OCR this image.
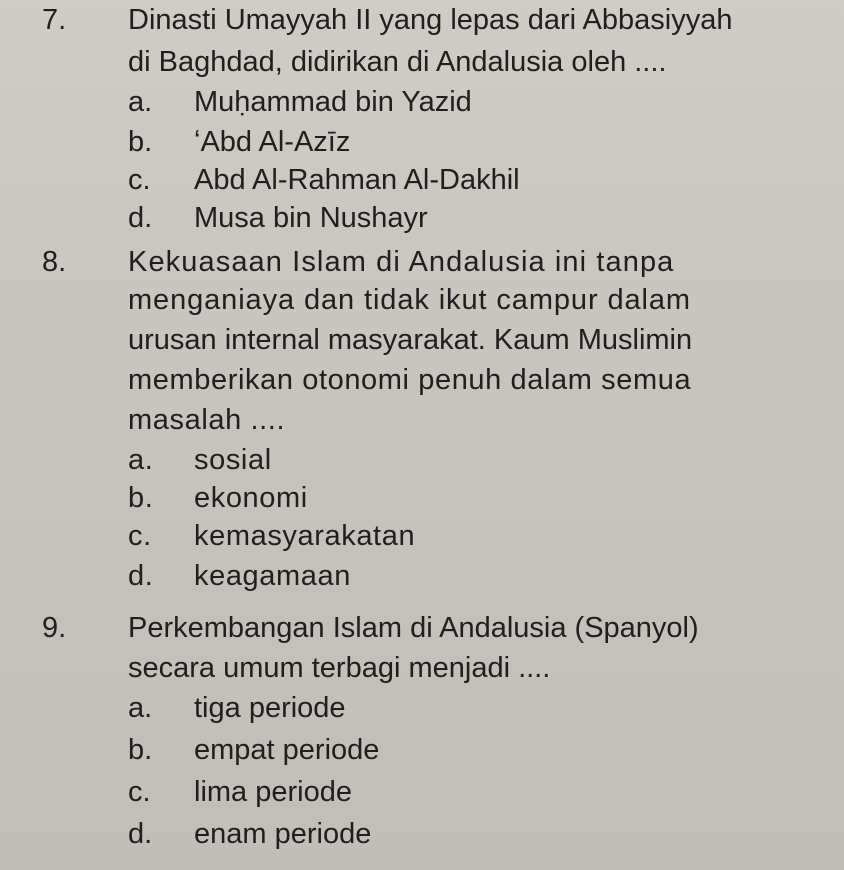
7. Dinasti Umayyah II yang lepas dari Abbasiyyah
di Baghdad, didirikan di Andalusia oleh ....
a. Muḥammad bin Yazid
b. ʻAbd Al-Azīz
c. Abd Al-Rahman Al-Dakhil
d. Musa bin Nushayr
8. Kekuasaan Islam di Andalusia ini tanpa
menganiaya dan tidak ikut campur dalam
urusan internal masyarakat. Kaum Muslimin
memberikan otonomi penuh dalam semua
masalah ....
a. sosial
b. ekonomi
c. kemasyarakatan
d. keagamaan
9. Perkembangan Islam di Andalusia (Spanyol)
secara umum terbagi menjadi ....
a. tiga periode
b. empat periode
c. lima periode
d. enam periode
